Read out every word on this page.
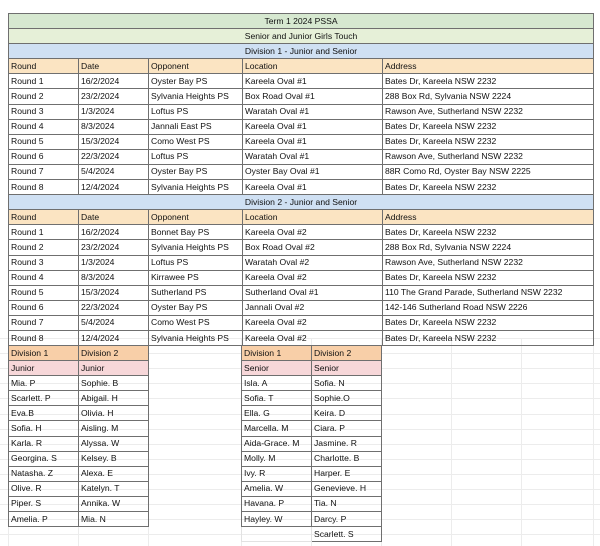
Term 1 2024 PSSA				
Senior and Junior Girls Touch				
Division 1 - Junior and Senior				
Round	Date	Opponent	Location	Address
Round 1	16/2/2024	Oyster Bay PS	Kareela Oval #1	Bates Dr, Kareela NSW 2232
Round 2	23/2/2024	Sylvania Heights PS	Box Road Oval #1	288 Box Rd, Sylvania NSW 2224
Round 3	1/3/2024	Loftus PS	Waratah Oval #1	Rawson Ave, Sutherland NSW 2232
Round 4	8/3/2024	Jannali East PS	Kareela Oval #1	Bates Dr, Kareela NSW 2232
Round 5	15/3/2024	Como West PS	Kareela Oval #1	Bates Dr, Kareela NSW 2232
Round 6	22/3/2024	Loftus PS	Waratah Oval #1	Rawson Ave, Sutherland NSW 2232
Round 7	5/4/2024	Oyster Bay PS	Oyster Bay Oval #1	88R Como Rd, Oyster Bay NSW 2225
Round 8	12/4/2024	Sylvania Heights PS	Kareela Oval #1	Bates Dr, Kareela NSW 2232
Division 2 - Junior and Senior				
Round	Date	Opponent	Location	Address
Round 1	16/2/2024	Bonnet Bay PS	Kareela Oval #2	Bates Dr, Kareela NSW 2232
Round 2	23/2/2024	Sylvania Heights PS	Box Road Oval #2	288 Box Rd, Sylvania NSW 2224
Round 3	1/3/2024	Loftus PS	Waratah Oval #2	Rawson Ave, Sutherland NSW 2232
Round 4	8/3/2024	Kirrawee PS	Kareela Oval #2	Bates Dr, Kareela NSW 2232
Round 5	15/3/2024	Sutherland PS	Sutherland Oval #1	110 The Grand Parade, Sutherland NSW 2232
Round 6	22/3/2024	Oyster Bay PS	Jannali Oval #2	142-146 Sutherland Road NSW 2226
Round 7	5/4/2024	Como West PS	Kareela Oval #2	Bates Dr, Kareela NSW 2232
Round 8	12/4/2024	Sylvania Heights PS	Kareela Oval #2	Bates Dr, Kareela NSW 2232
Division 1	Division 2
Junior	Junior
Mia. P	Sophie. B
Scarlett. P	Abigail. H
Eva.B	Olivia. H
Sofia. H	Aisling. M
Karla. R	Alyssa. W
Georgina. S	Kelsey. B
Natasha. Z	Alexa. E
Olive. R	Katelyn. T
Piper. S	Annika. W
Amelia. P	Mia. N
Division 1	Division 2
Senior	Senior
Isla. A	Sofia. N
Sofia. T	Sophie.O
Ella. G	Keira. D
Marcella. M	Ciara. P
Aida-Grace. M	Jasmine. R
Molly. M	Charlotte. B
Ivy. R	Harper. E
Amelia. W	Genevieve. H
Havana. P	Tia. N
Hayley. W	Darcy. P
	Scarlett. S
